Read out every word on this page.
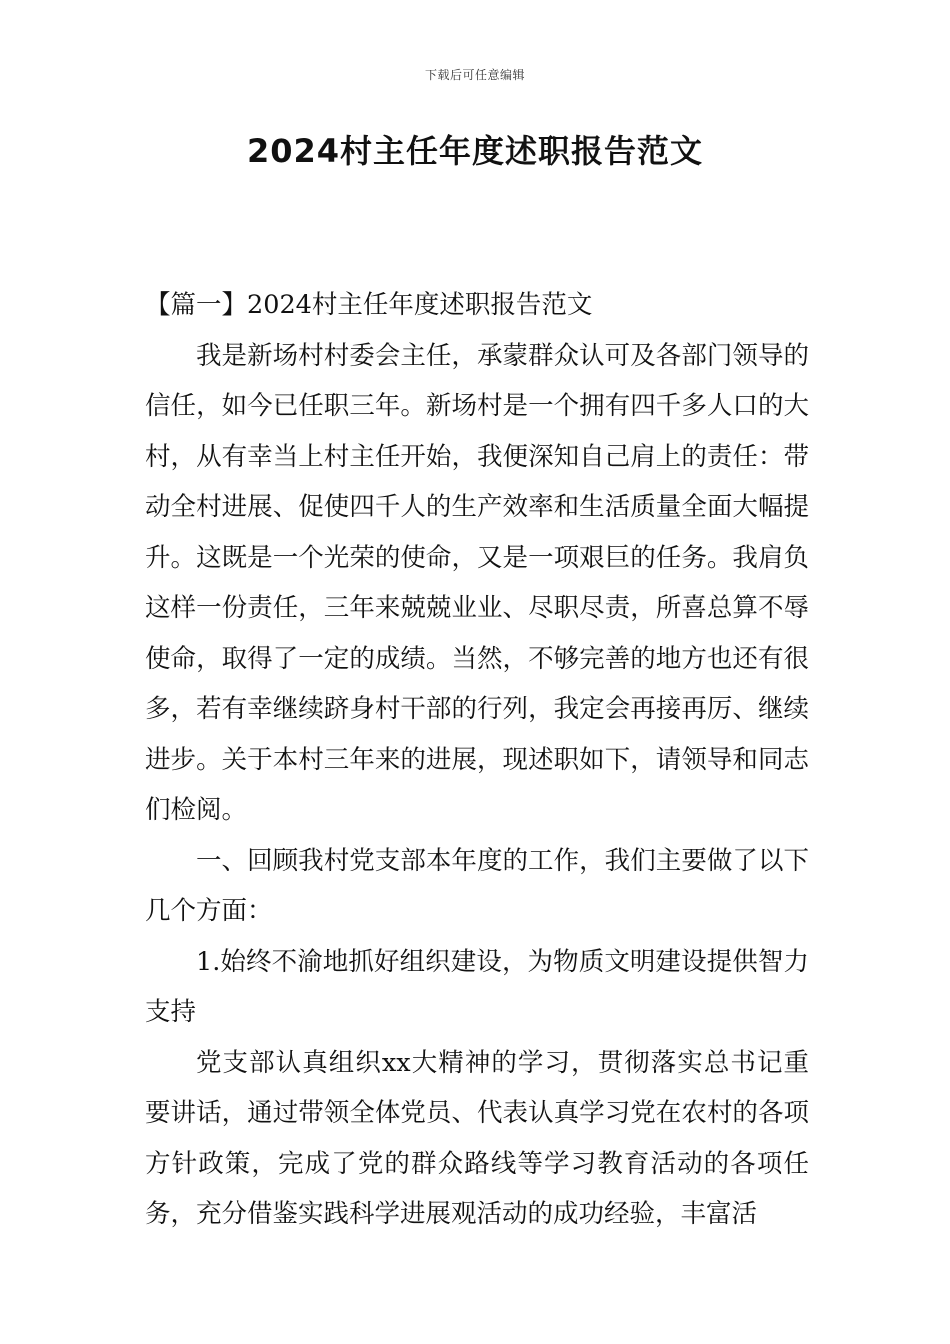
下载后可任意编辑
2024村主任年度述职报告范文

【篇一】2024村主任年度述职报告范文

我是新场村村委会主任，承蒙群众认可及各部门领导的信任，如今已任职三年。新场村是一个拥有四千多人口的大村，从有幸当上村主任开始，我便深知自己肩上的责任：带动全村进展、促使四千人的生产效率和生活质量全面大幅提升。这既是一个光荣的使命，又是一项艰巨的任务。我肩负这样一份责任，三年来兢兢业业、尽职尽责，所喜总算不辱使命，取得了一定的成绩。当然，不够完善的地方也还有很多，若有幸继续跻身村干部的行列，我定会再接再厉、继续进步。关于本村三年来的进展，现述职如下，请领导和同志们检阅。

一、回顾我村党支部本年度的工作，我们主要做了以下几个方面：

1.始终不渝地抓好组织建设，为物质文明建设提供智力支持

党支部认真组织xx大精神的学习，贯彻落实总书记重要讲话，通过带领全体党员、代表认真学习党在农村的各项方针政策，完成了党的群众路线等学习教育活动的各项任务，充分借鉴实践科学进展观活动的成功经验，丰富活
